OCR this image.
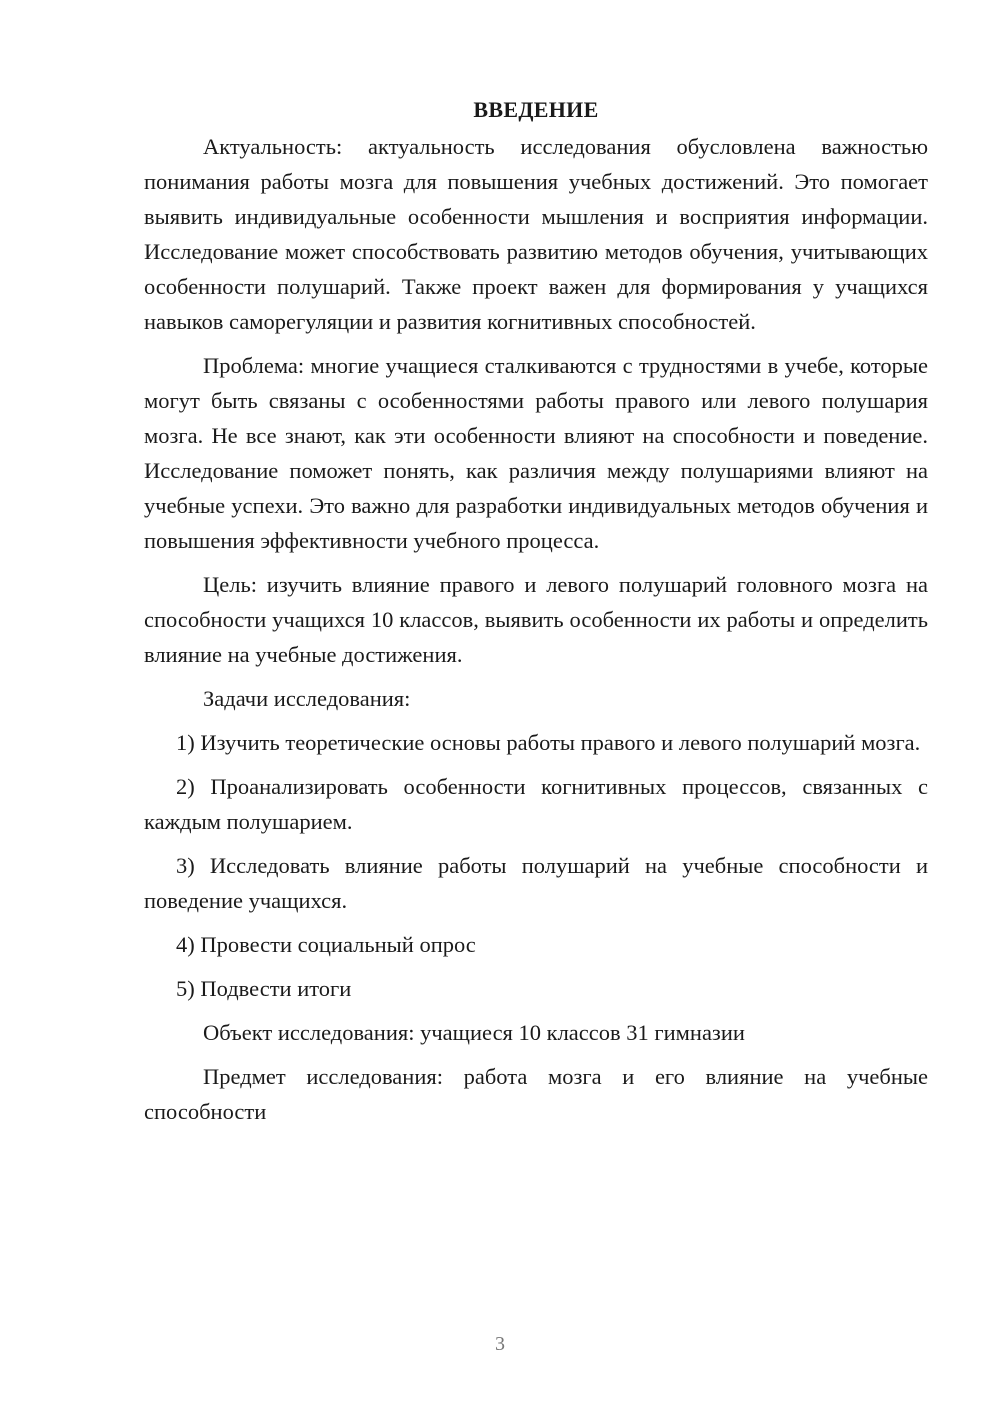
ВВЕДЕНИЕ

Актуальность: актуальность исследования обусловлена важностью понимания работы мозга для повышения учебных достижений. Это помогает выявить индивидуальные особенности мышления и восприятия информации. Исследование может способствовать развитию методов обучения, учитывающих особенности полушарий. Также проект важен для формирования у учащихся навыков саморегуляции и развития когнитивных способностей.

Проблема: многие учащиеся сталкиваются с трудностями в учебе, которые могут быть связаны с особенностями работы правого или левого полушария мозга. Не все знают, как эти особенности влияют на способности и поведение. Исследование поможет понять, как различия между полушариями влияют на учебные успехи. Это важно для разработки индивидуальных методов обучения и повышения эффективности учебного процесса.

Цель: изучить влияние правого и левого полушарий головного мозга на способности учащихся 10 классов, выявить особенности их работы и определить влияние на учебные достижения.

Задачи исследования:

1) Изучить теоретические основы работы правого и левого полушарий мозга.

2) Проанализировать особенности когнитивных процессов, связанных с каждым полушарием.

3) Исследовать влияние работы полушарий на учебные способности и поведение учащихся.

4) Провести социальный опрос

5) Подвести итоги

Объект исследования: учащиеся 10 классов 31 гимназии

Предмет исследования: работа мозга и его влияние на учебные способности

3
